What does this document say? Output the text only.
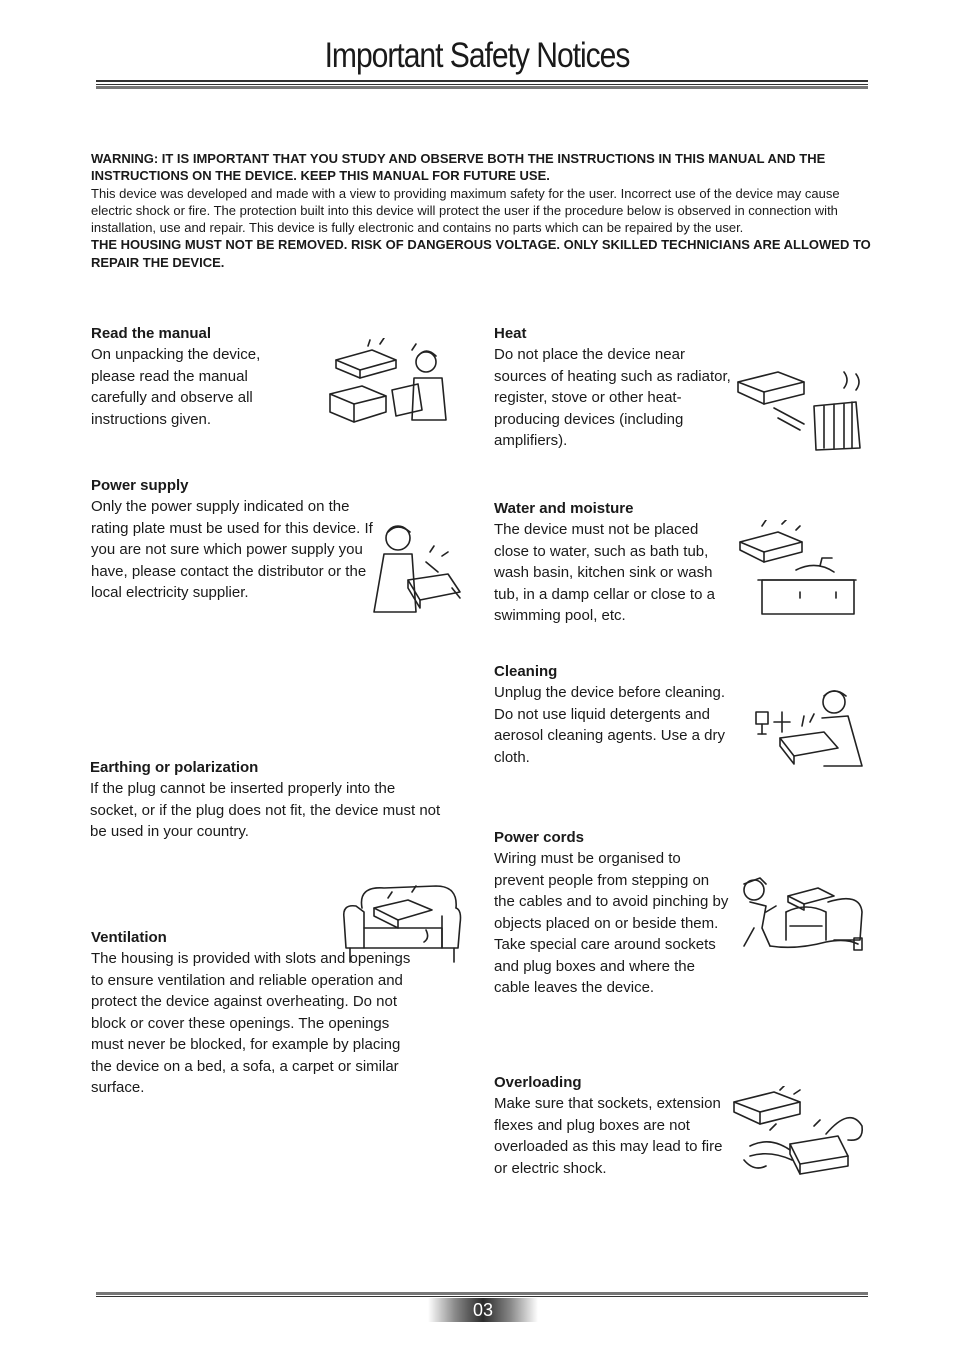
Important Safety Notices
WARNING: IT IS IMPORTANT THAT YOU STUDY AND OBSERVE BOTH THE INSTRUCTIONS IN THIS MANUAL AND THE INSTRUCTIONS ON THE DEVICE. KEEP THIS MANUAL FOR FUTURE USE.
This device was developed and made with a view to providing maximum safety for the user. Incorrect use of the device may cause electric shock or fire. The protection built into this device will protect the user if the procedure below is observed in connection with installation, use and repair. This device is fully electronic and contains no parts which can be repaired by the user.
THE HOUSING MUST NOT BE REMOVED. RISK OF DANGEROUS VOLTAGE. ONLY SKILLED TECHNICIANS ARE ALLOWED TO REPAIR THE DEVICE.
Read the manual

On unpacking the device, please read the manual carefully and observe all instructions given.

Power supply

Only the power supply indicated on the rating plate must be used for this device. If you are not sure which power supply you have, please contact the distributor or the local electricity supplier.

Earthing or polarization

If the plug cannot be inserted properly into the socket, or if the plug does not fit, the device must not be used in your country.

Ventilation

The housing is provided with slots and openings to ensure ventilation and reliable operation and protect the device against overheating. Do not block or cover these openings. The openings must never be blocked, for example by placing the device on a bed, a sofa, a carpet or similar surface.

Heat

Do not place the device near sources of heating such as radiator, register, stove or other heat-producing devices (including amplifiers).

Water and moisture

The device must not be placed close to water, such as bath tub, wash basin, kitchen sink or wash tub, in a damp cellar or close to a swimming pool, etc.

Cleaning

Unplug the device before cleaning. Do not use liquid detergents and aerosol cleaning agents. Use a dry cloth.

Power cords

Wiring must be organised to prevent people from stepping on the cables and to avoid pinching by objects placed on or beside them. Take special care around sockets and plug boxes and where the cable leaves the device.

Overloading

Make sure that sockets, extension flexes and plug boxes are not overloaded as this may lead to fire or electric shock.

03
